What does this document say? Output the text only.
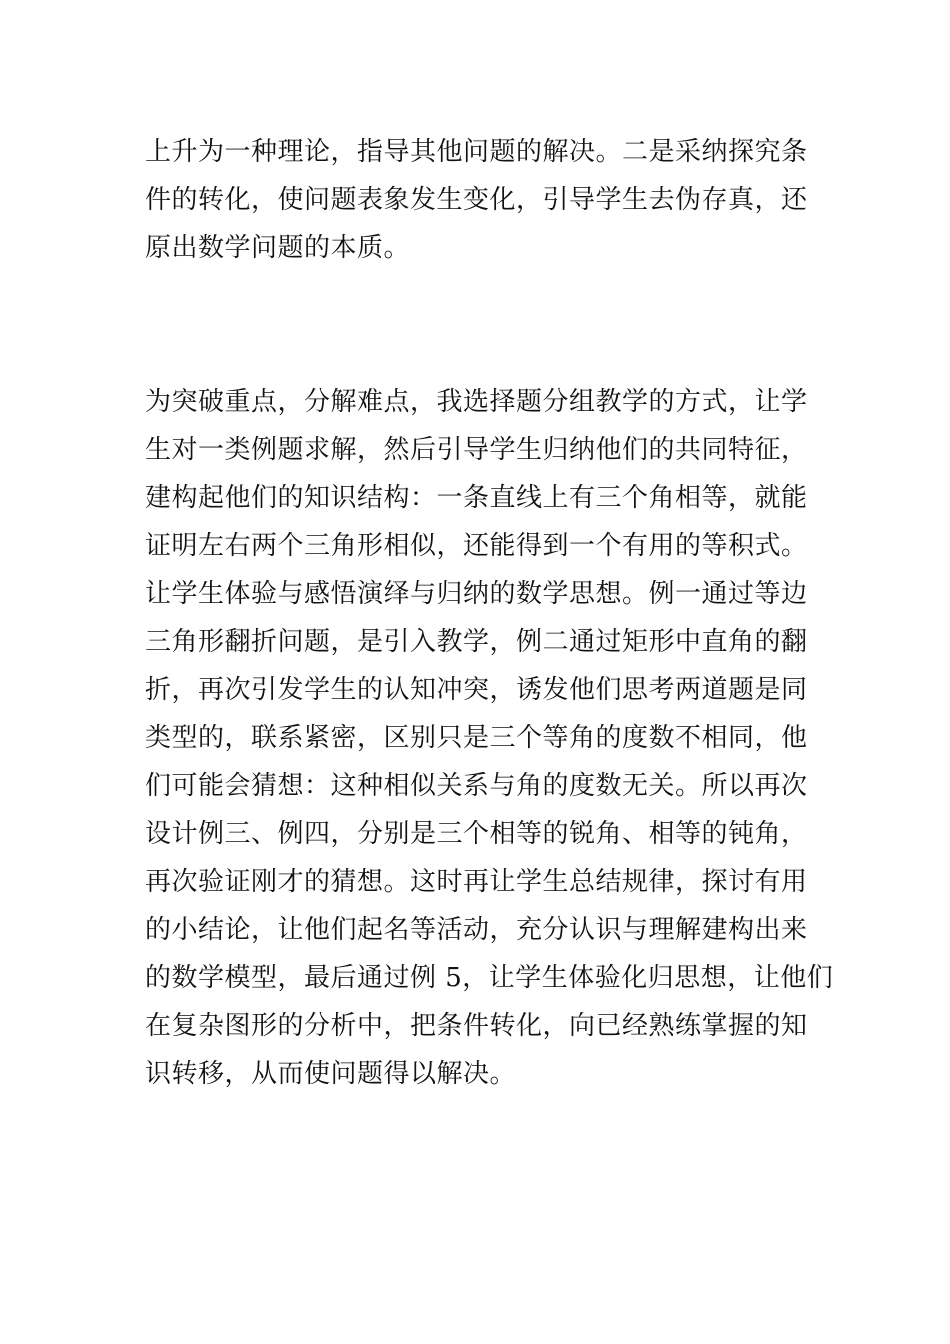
上升为一种理论，指导其他问题的解决。二是采纳探究条
件的转化，使问题表象发生变化，引导学生去伪存真，还
原出数学问题的本质。
为突破重点，分解难点，我选择题分组教学的方式，让学
生对一类例题求解，然后引导学生归纳他们的共同特征，
建构起他们的知识结构：一条直线上有三个角相等，就能
证明左右两个三角形相似，还能得到一个有用的等积式。
让学生体验与感悟演绎与归纳的数学思想。例一通过等边
三角形翻折问题，是引入教学，例二通过矩形中直角的翻
折，再次引发学生的认知冲突，诱发他们思考两道题是同
类型的，联系紧密，区别只是三个等角的度数不相同，他
们可能会猜想：这种相似关系与角的度数无关。所以再次
设计例三、例四，分别是三个相等的锐角、相等的钝角，
再次验证刚才的猜想。这时再让学生总结规律，探讨有用
的小结论，让他们起名等活动，充分认识与理解建构出来
的数学模型，最后通过例 5，让学生体验化归思想，让他们
在复杂图形的分析中，把条件转化，向已经熟练掌握的知
识转移，从而使问题得以解决。
